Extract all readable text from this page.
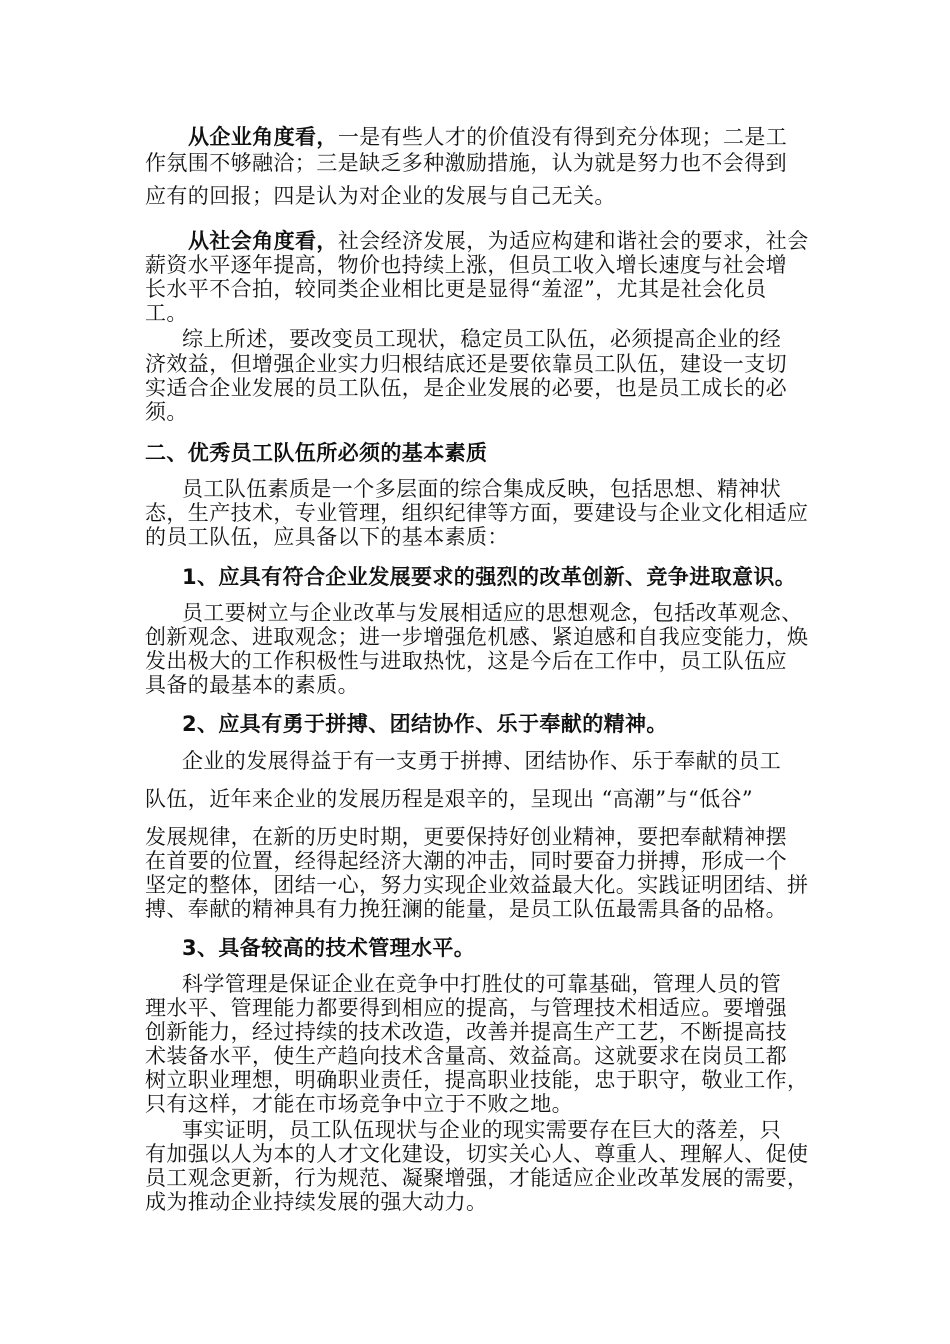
从企业角度看，一是有些人才的价值没有得到充分体现；二是工
作氛围不够融洽；三是缺乏多种激励措施，认为就是努力也不会得到
应有的回报；四是认为对企业的发展与自己无关。
从社会角度看，社会经济发展，为适应构建和谐社会的要求，社会
薪资水平逐年提高，物价也持续上涨，但员工收入增长速度与社会增
长水平不合拍，较同类企业相比更是显得“羞涩”，尤其是社会化员
工。
综上所述，要改变员工现状，稳定员工队伍，必须提高企业的经
济效益，但增强企业实力归根结底还是要依靠员工队伍，建设一支切
实适合企业发展的员工队伍，是企业发展的必要，也是员工成长的必
须。
二、优秀员工队伍所必须的基本素质
员工队伍素质是一个多层面的综合集成反映，包括思想、精神状
态，生产技术，专业管理，组织纪律等方面，要建设与企业文化相适应
的员工队伍，应具备以下的基本素质：
1、应具有符合企业发展要求的强烈的改革创新、竞争进取意识。
员工要树立与企业改革与发展相适应的思想观念，包括改革观念、
创新观念、进取观念；进一步增强危机感、紧迫感和自我应变能力，焕
发出极大的工作积极性与进取热忱，这是今后在工作中，员工队伍应
具备的最基本的素质。
2、应具有勇于拼搏、团结协作、乐于奉献的精神。
企业的发展得益于有一支勇于拼搏、团结协作、乐于奉献的员工
队伍，近年来企业的发展历程是艰辛的，呈现出 “高潮”与“低谷”
发展规律，在新的历史时期，更要保持好创业精神，要把奉献精神摆
在首要的位置，经得起经济大潮的冲击，同时要奋力拼搏，形成一个
坚定的整体，团结一心，努力实现企业效益最大化。实践证明团结、拼
搏、奉献的精神具有力挽狂澜的能量，是员工队伍最需具备的品格。
3、具备较高的技术管理水平。
科学管理是保证企业在竞争中打胜仗的可靠基础，管理人员的管
理水平、管理能力都要得到相应的提高，与管理技术相适应。要增强
创新能力，经过持续的技术改造，改善并提高生产工艺，不断提高技
术装备水平，使生产趋向技术含量高、效益高。这就要求在岗员工都
树立职业理想，明确职业责任，提高职业技能，忠于职守，敬业工作，
只有这样，才能在市场竞争中立于不败之地。
事实证明，员工队伍现状与企业的现实需要存在巨大的落差，只
有加强以人为本的人才文化建设，切实关心人、尊重人、理解人、促使
员工观念更新，行为规范、凝聚增强，才能适应企业改革发展的需要，
成为推动企业持续发展的强大动力。
